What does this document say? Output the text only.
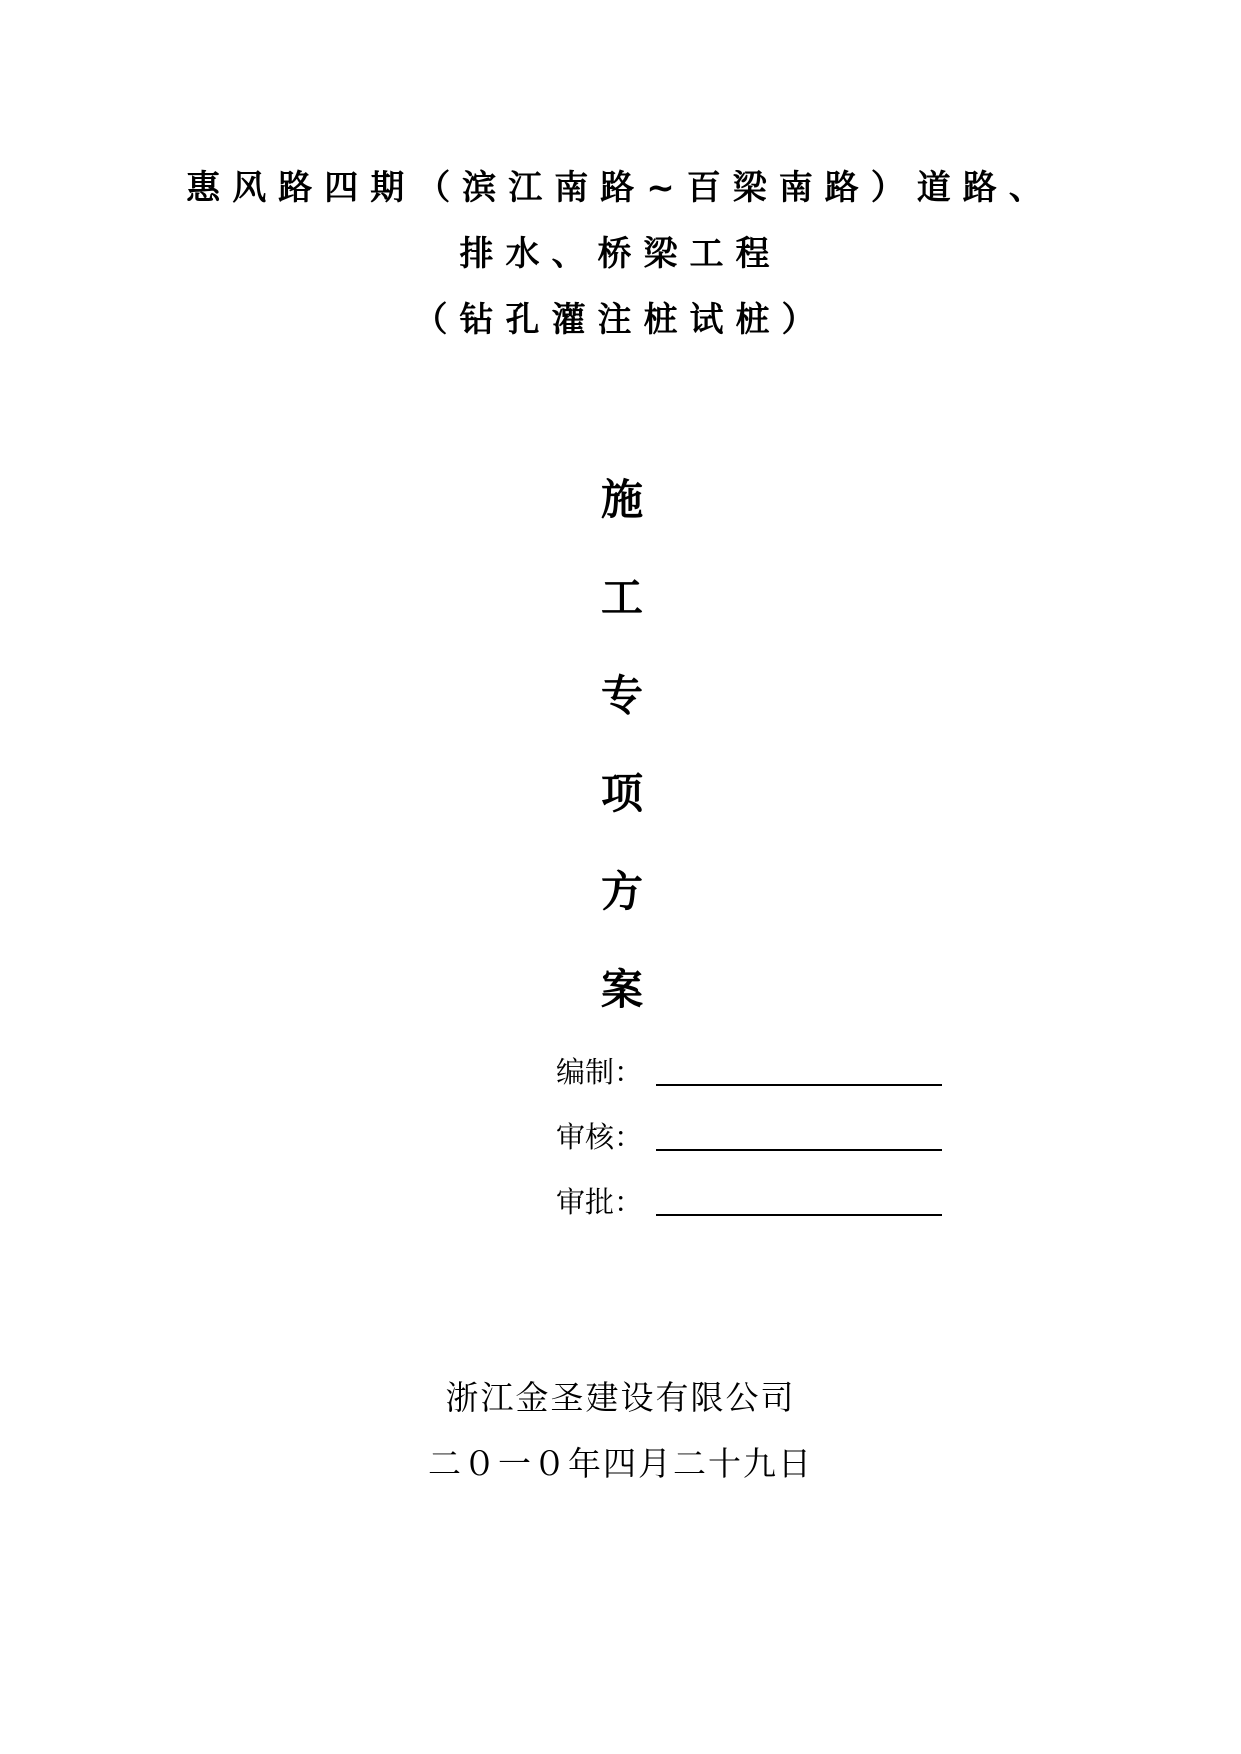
惠风路四期（滨江南路~百梁南路）道路、
排水、桥梁工程
（钻孔灌注桩试桩）
施
工
专
项
方
案
编制：
审核：
审批：
浙江金圣建设有限公司
二０一０年四月二十九日
